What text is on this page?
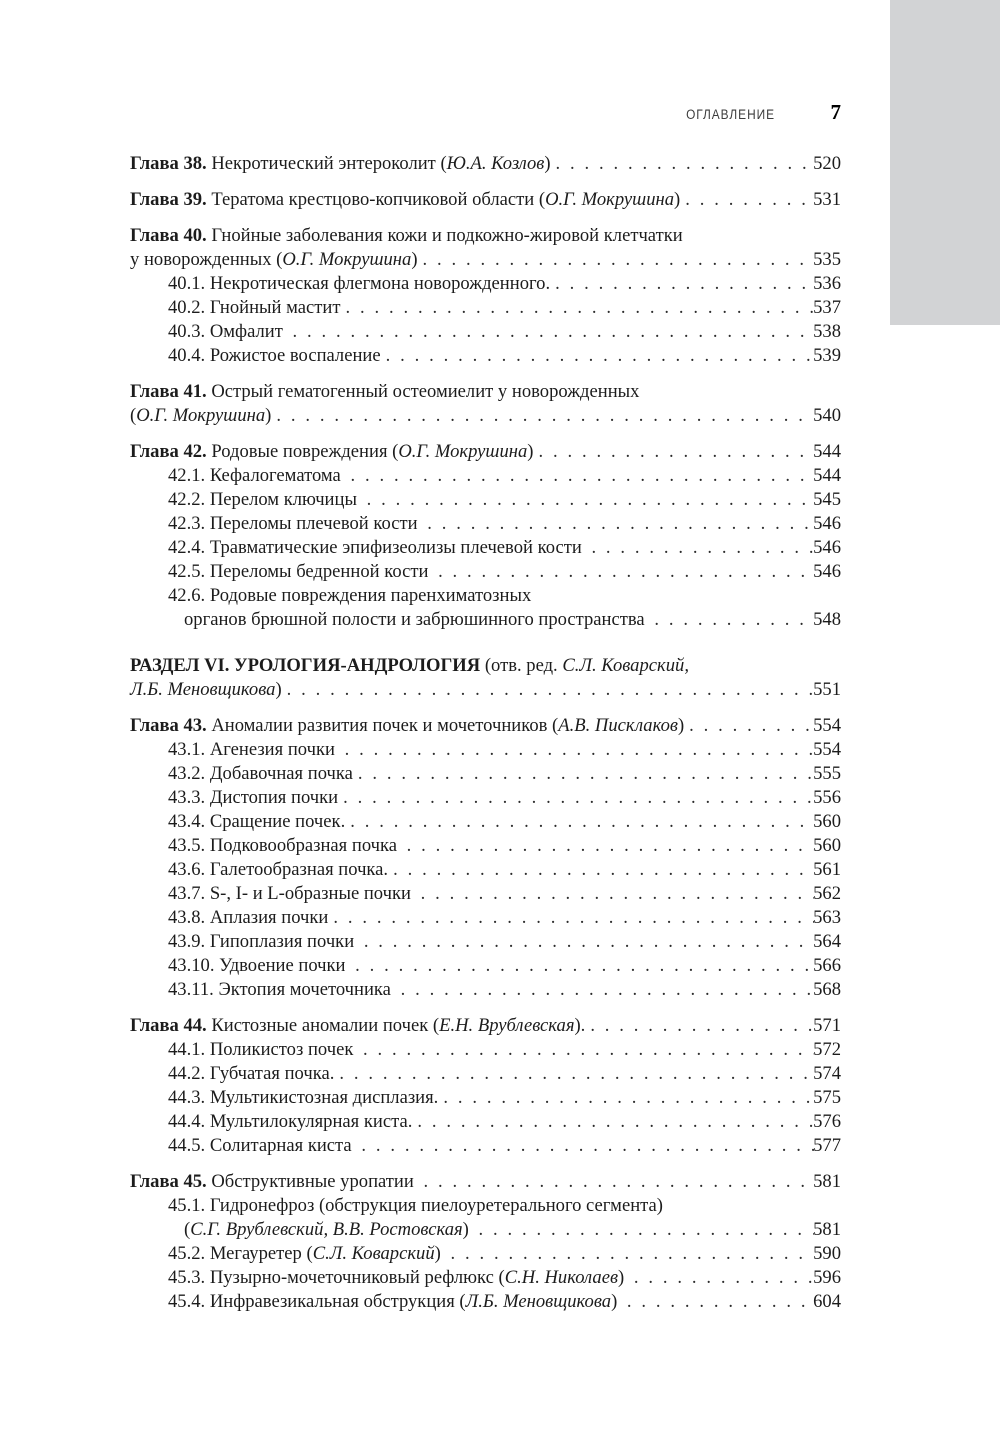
ОГЛАВЛЕНИЕ	7
Глава 38. Некротический энтероколит (Ю.А. Козлов) . . .	520
Глава 39. Тератома крестцово-копчиковой области (О.Г. Мокрушина) . . .	531
Глава 40. Гнойные заболевания кожи и подкожно-жировой клетчатки
у новорожденных (О.Г. Мокрушина) . . .	535
40.1. Некротическая флегмона новорожденного. . . .	536
40.2. Гнойный мастит . . .	537
40.3. Омфалит . . .	538
40.4. Рожистое воспаление . . .	539
Глава 41. Острый гематогенный остеомиелит у новорожденных
(О.Г. Мокрушина) . . .	540
Глава 42. Родовые повреждения (О.Г. Мокрушина) . . .	544
42.1. Кефалогематома . . .	544
42.2. Перелом ключицы . . .	545
42.3. Переломы плечевой кости . . .	546
42.4. Травматические эпифизеолизы плечевой кости . . .	546
42.5. Переломы бедренной кости . . .	546
42.6. Родовые повреждения паренхиматозных
органов брюшной полости и забрюшинного пространства . . .	548
РАЗДЕЛ VI. УРОЛОГИЯ-АНДРОЛОГИЯ (отв. ред. С.Л. Коварский,
Л.Б. Меновщикова) . . .	551
Глава 43. Аномалии развития почек и мочеточников (А.В. Писклаков) . . .	554
43.1. Агенезия почки . . .	554
43.2. Добавочная почка . . .	555
43.3. Дистопия почки . . .	556
43.4. Сращение почек. . . .	560
43.5. Подковообразная почка . . .	560
43.6. Галетообразная почка. . . .	561
43.7. S-, I- и L-образные почки . . .	562
43.8. Аплазия почки . . .	563
43.9. Гипоплазия почки . . .	564
43.10. Удвоение почки . . .	566
43.11. Эктопия мочеточника . . .	568
Глава 44. Кистозные аномалии почек (Е.Н. Врублевская). . . .	571
44.1. Поликистоз почек . . .	572
44.2. Губчатая почка. . . .	574
44.3. Мультикистозная дисплазия. . . .	575
44.4. Мультилокулярная киста. . . .	576
44.5. Солитарная киста . . .	577
Глава 45. Обструктивные уропатии . . .	581
45.1. Гидронефроз (обструкция пиелоуретерального сегмента)
(С.Г. Врублевский, В.В. Ростовская) . . .	581
45.2. Мегауретер (С.Л. Коварский) . . .	590
45.3. Пузырно-мочеточниковый рефлюкс (С.Н. Николаев) . . .	596
45.4. Инфравезикальная обструкция (Л.Б. Меновщикова) . . .	604
